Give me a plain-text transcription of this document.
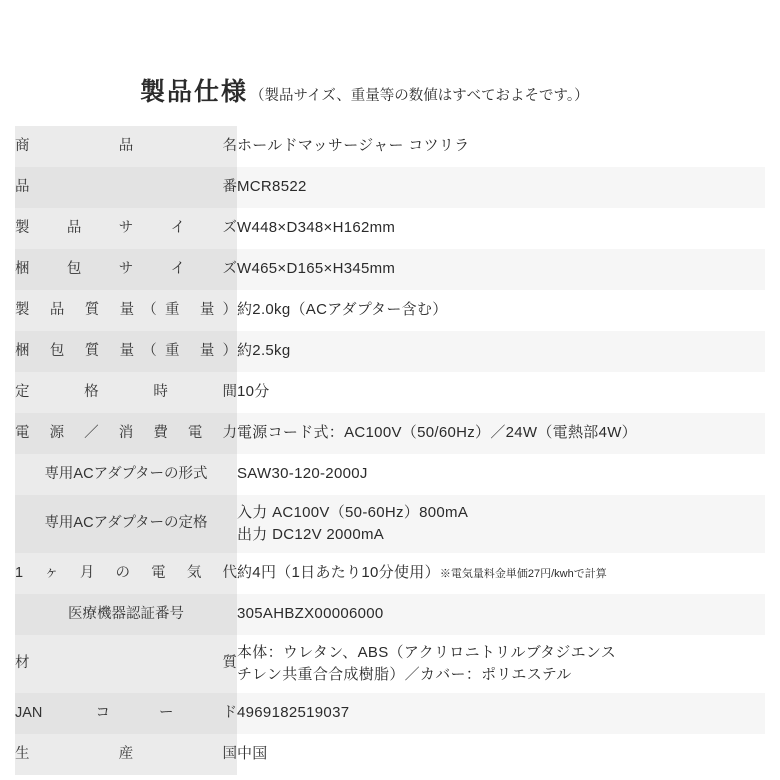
製品仕様 （製品サイズ、重量等の数値はすべておよそです。）
商　品　名	ホールドマッサージャー コツリラ
品　　　番	MCR8522
製 品 サ イ ズ	W448×D348×H162mm
梱 包 サ イ ズ	W465×D165×H345mm
製 品 質 量（重 量）	約2.0kg（ACアダプター含む）
梱 包 質 量（重 量）	約2.5kg
定　格　時　間	10分
電 源 ／ 消 費 電 力	電源コード式：AC100V（50/60Hz）／24W（電熱部4W）
専用ACアダプターの形式	SAW30-120-2000J
専用ACアダプターの定格	入力 AC100V（50-60Hz）800mA
出力 DC12V 2000mA

1ヶ月の電気代	約4円（1日あたり10分使用）※電気量料金単価27円/kwhで計算
医療機器認証番号	305AHBZX00006000
材　　　質	本体：ウレタン、ABS（アクリロニトリルブタジエンス
チレン共重合合成樹脂）／カバー：ポリエステル

JAN コード	4969182519037
生　産　国	中国
